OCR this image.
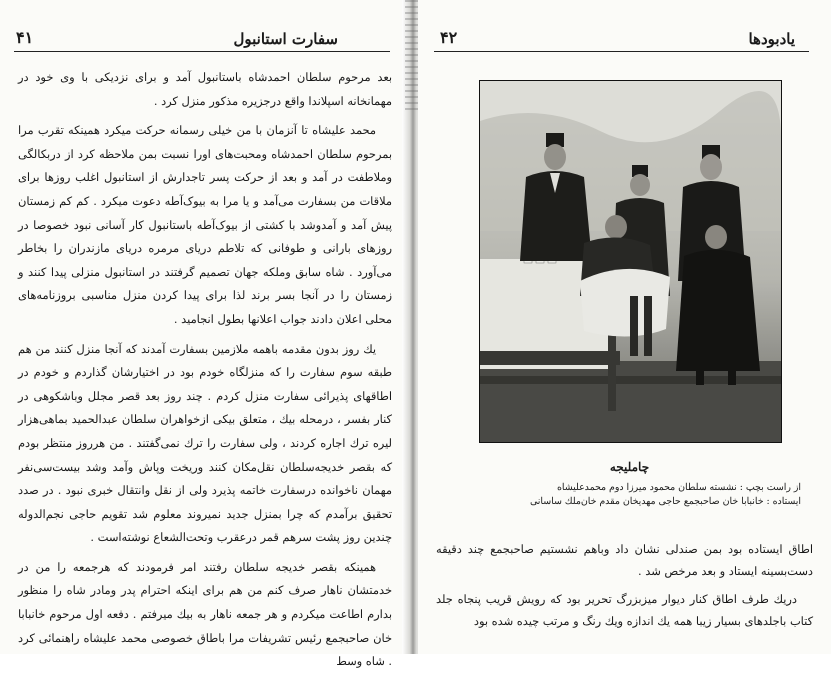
سفارت استانبول
۴۱

بعد مرحوم سلطان احمدشاه باستانبول آمد و برای نزدیکی با وی خود در مهمانخانه اسپلاندا واقع درجزیره مذکور منزل کرد .

محمد علیشاه تا آنزمان با من خیلی رسمانه حرکت میکرد همینکه تقرب مرا بمرحوم سلطان احمدشاه ومحبت‌های اورا نسبت بمن ملاحظه کرد از دربکالگی وملاطفت در آمد و بعد از حرکت پسر تاجدارش از استانبول اغلب روزها برای ملاقات من بسفارت می‌آمد و یا مرا به بیوک‌آطه دعوت میکرد . کم کم زمستان پیش آمد و آمدوشد با کشتی از بیوک‌آطه باستانبول کار آسانی نبود خصوصا در روزهای بارانی و طوفانی که تلاطم دریای مرمره دریای مازندران را بخاطر می‌آورد . شاه سابق وملکه جهان تصمیم گرفتند در استانبول منزلی پیدا کنند و زمستان را در آنجا بسر برند لذا برای پیدا کردن منزل مناسبی بروزنامه‌های محلی اعلان دادند جواب اعلانها بطول انجامید .

یك روز بدون مقدمه باهمه ملازمین بسفارت آمدند که آنجا منزل کنند من هم طبقه سوم سفارت را که منزلگاه خودم بود در اختیارشان گذاردم و خودم در اطاقهای پذیرائی سفارت منزل کردم . چند روز بعد قصر مجلل وباشکوهی در کنار بفسر ، درمحله بیك ، متعلق بیکی ازخواهران سلطان عبدالحمید بماهی‌هزار لیره ترك اجاره کردند ، ولی سفارت را ترك نمی‌گفتند . من هرروز منتظر بودم که بقصر خدیجه‌سلطان نقل‌مکان کنند وریخت وپاش وآمد وشد بیست‌سی‌نفر مهمان ناخوانده درسفارت خاتمه پذیرد ولی از نقل وانتقال خبری نبود . در صدد تحقیق برآمدم که چرا بمنزل جدید نمیروند معلوم شد تقویم حاجی نجم‌الدوله چندین روز پشت سرهم قمر درعقرب وتحت‌الشعاع نوشته‌است .

همینکه بقصر خدیجه سلطان رفتند امر فرمودند که هرجمعه را من در خدمتشان ناهار صرف کنم من هم برای اینکه احترام پدر ومادر شاه را منظور بدارم اطاعت میکردم و هر جمعه ناهار به بیك میرفتم . دفعه اول مرحوم خانبابا خان صاحبجمع رئیس تشریفات مرا باطاق خصوصی محمد علیشاه راهنمائی کرد . شاه وسط

یادبود‌ها
۴۲
چاملیجه
از راست بچپ : نشسته سلطان محمود میرزا دوم محمدعلیشاه
ایستاده : خانبابا خان صاحبجمع حاجی مهدیخان مقدم خان‌ملك ساسانی

اطاق ایستاده بود بمن صندلی نشان داد وباهم نشستیم صاحبجمع چند دقیقه دست‌بسینه ایستاد و بعد مرخص شد .

دریك طرف اطاق کنار دیوار میزبزرگ تحریر بود که رویش قریب پنجاه جلد کتاب باجلدهای بسیار زیبا همه یك اندازه ویك رنگ و مرتب چیده شده بود
